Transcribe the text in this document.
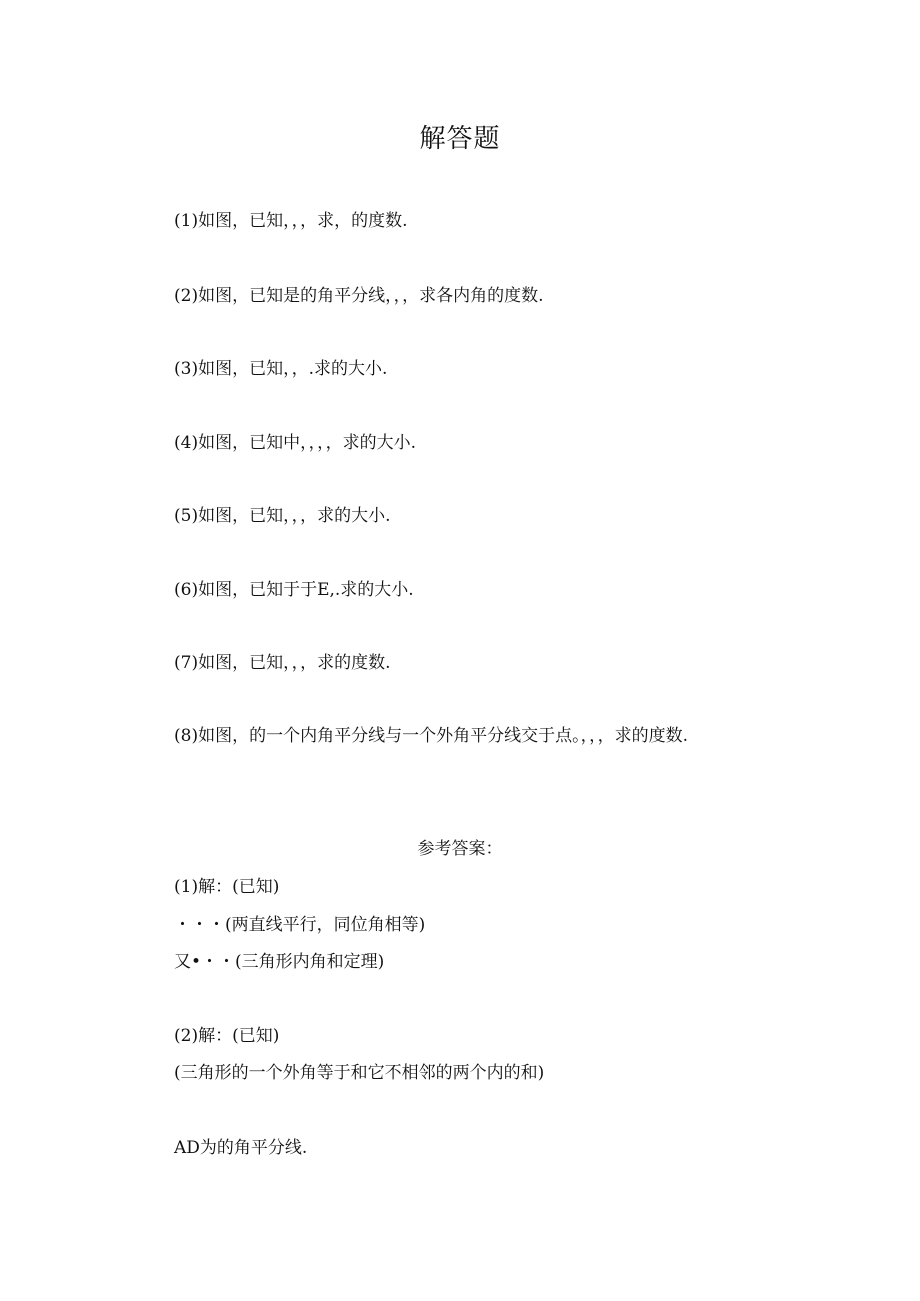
解答题
(1)如图，已知，，，求，的度数.
(2)如图，已知是的角平分线，，，求各内角的度数.
(3)如图，已知，，.求的大小.
(4)如图，已知中，，，，求的大小.
(5)如图，已知，，，求的大小.
(6)如图，已知于于E,.求的大小.
(7)如图，已知，，，求的度数.
(8)如图，的一个内角平分线与一个外角平分线交于点。，，，求的度数.
参考答案：
(1)解：(已知)
・・・(两直线平行，同位角相等)
又•・・(三角形内角和定理)
(2)解：(已知)
(三角形的一个外角等于和它不相邻的两个内的和)
AD为的角平分线.
